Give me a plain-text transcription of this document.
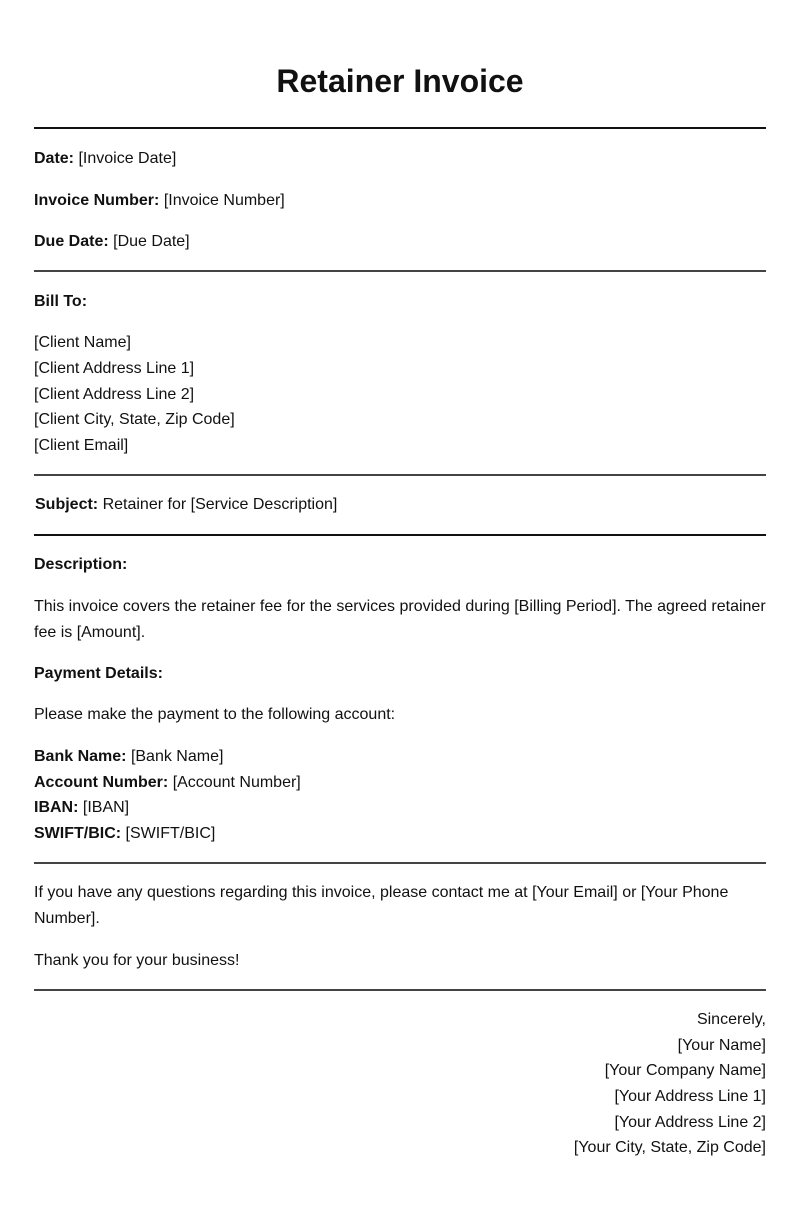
Retainer Invoice
Date: [Invoice Date]
Invoice Number: [Invoice Number]
Due Date: [Due Date]
Bill To:
[Client Name]
[Client Address Line 1]
[Client Address Line 2]
[Client City, State, Zip Code]
[Client Email]
Subject: Retainer for [Service Description]
Description:
This invoice covers the retainer fee for the services provided during [Billing Period]. The agreed retainer fee is [Amount].
Payment Details:
Please make the payment to the following account:
Bank Name: [Bank Name]
Account Number: [Account Number]
IBAN: [IBAN]
SWIFT/BIC: [SWIFT/BIC]
If you have any questions regarding this invoice, please contact me at [Your Email] or [Your Phone Number].
Thank you for your business!
Sincerely,
[Your Name]
[Your Company Name]
[Your Address Line 1]
[Your Address Line 2]
[Your City, State, Zip Code]
